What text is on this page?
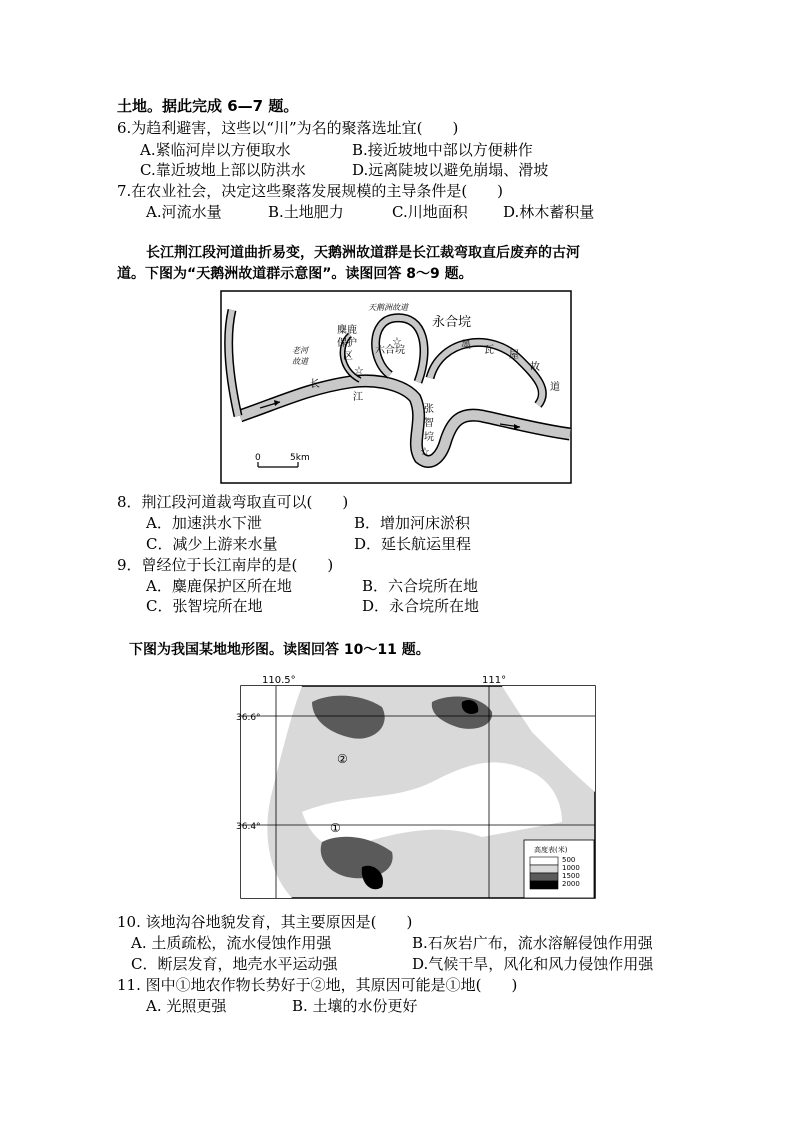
土地。据此完成 6—7 题。
6.为趋利避害，这些以“川”为名的聚落选址宜(　　)
A.紧临河岸以方便取水	B.接近坡地中部以方便耕作
C.靠近坡地上部以防洪水	D.远离陡坡以避免崩塌、滑坡
7.在农业社会，决定这些聚落发展规模的主导条件是(　　)
A.河流水量	B.土地肥力	C.川地面积 D.林木蓄积量
长江荆江段河道曲折易变，天鹅洲故道群是长江裁弯取直后废弃的古河
道。下图为“天鹅洲故道群示意图”。读图回答 8～9 题。
☆
☆
☆
天鹅洲故道
永合垸
麋鹿
保护
区
老河
故道
六合垸	墨 瓦 屋
故
道
长
江
张
智
垸
0	5km
8．荆江段河道裁弯取直可以(　　)
A．加速洪水下泄	B．增加河床淤积
C．减少上游来水量	D．延长航运里程
9．曾经位于长江南岸的是(　　)
A．麋鹿保护区所在地	B．六合垸所在地
C．张智垸所在地	D．永合垸所在地
下图为我国某地地形图。读图回答 10～11 题。
110.5°	111°
36.6°
36.4°
②
①
高度表(米)
500
1000
1500
2000
10. 该地沟谷地貌发育，其主要原因是(　　)
A. 土质疏松，流水侵蚀作用强	B.石灰岩广布，流水溶解侵蚀作用强
C．断层发育，地壳水平运动强	D.气候干旱，风化和风力侵蚀作用强
11. 图中①地农作物长势好于②地，其原因可能是①地(　　)
A. 光照更强	B. 土壤的水份更好
